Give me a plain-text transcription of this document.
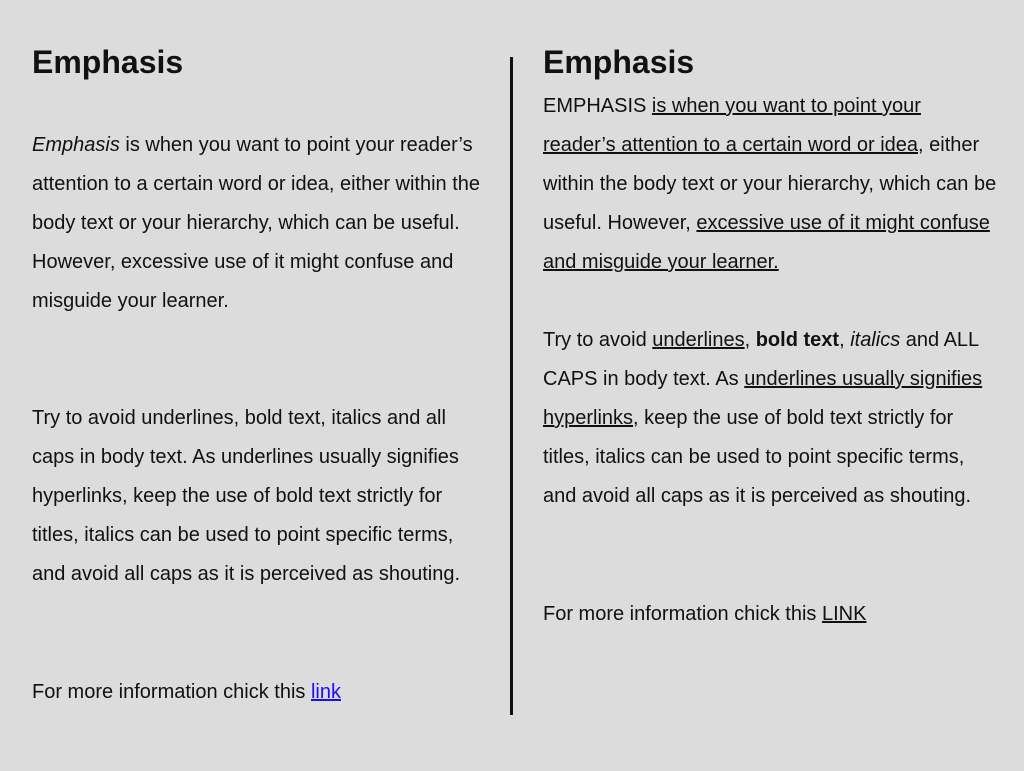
Emphasis

Emphasis is when you want to point your reader’s attention to a certain word or idea, either within the body text or your hierarchy, which can be useful. However, excessive use of it might confuse and misguide your learner.

Try to avoid underlines, bold text, italics and all caps in body text. As underlines usually signifies hyperlinks, keep the use of bold text strictly for titles, italics can be used to point specific terms, and avoid all caps as it is perceived as shouting.

For more information chick this link

Emphasis

EMPHASIS is when you want to point your reader’s attention to a certain word or idea, either within the body text or your hierarchy, which can be useful. However, excessive use of it might confuse and misguide your learner.

Try to avoid underlines, bold text, italics and ALL CAPS in body text. As underlines usually signifies hyperlinks, keep the use of bold text strictly for titles, italics can be used to point specific terms, and avoid all caps as it is perceived as shouting.

For more information chick this LINK
